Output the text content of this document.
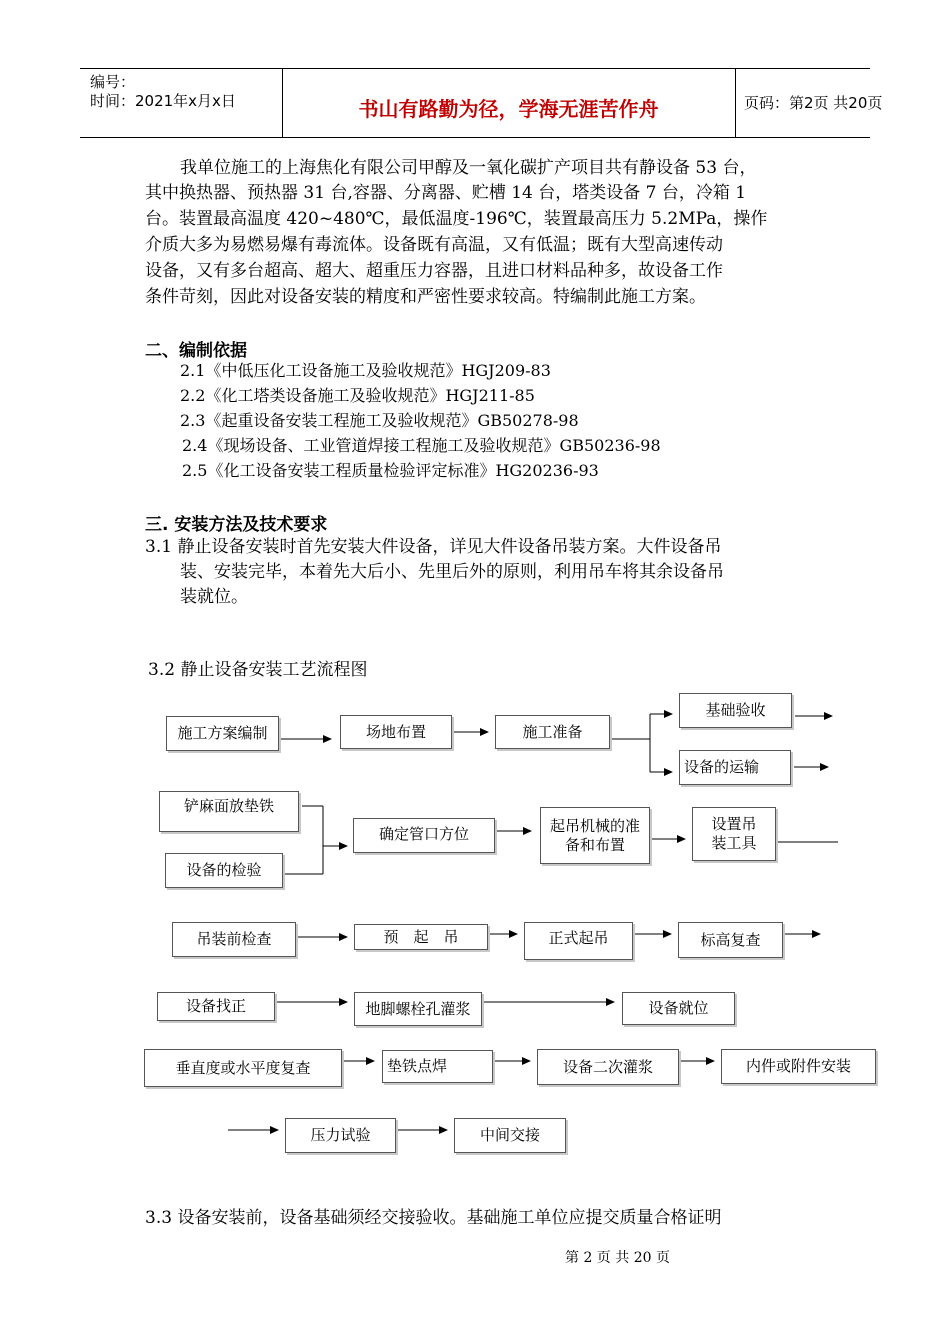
编号：
时间：2021年x月x日	书山有路勤为径，学海无涯苦作舟	页码：第2页 共20页
我单位施工的上海焦化有限公司甲醇及一氧化碳扩产项目共有静设备 53 台，
其中换热器、预热器 31 台,容器、分离器、贮槽 14 台，塔类设备 7 台，冷箱 1
台。装置最高温度 420~480℃，最低温度-196℃，装置最高压力 5.2MPa，操作
介质大多为易燃易爆有毒流体。设备既有高温，又有低温；既有大型高速传动
设备，又有多台超高、超大、超重压力容器，且进口材料品种多，故设备工作
条件苛刻，因此对设备安装的精度和严密性要求较高。特编制此施工方案。
二、编制依据
2.1《中低压化工设备施工及验收规范》HGJ209-83
2.2《化工塔类设备施工及验收规范》HGJ211-85
2.3《起重设备安装工程施工及验收规范》GB50278-98
2.4《现场设备、工业管道焊接工程施工及验收规范》GB50236-98
2.5《化工设备安装工程质量检验评定标准》HG20236-93
三. 安装方法及技术要求
3.1 静止设备安装时首先安装大件设备，详见大件设备吊装方案。大件设备吊
装、安装完毕，本着先大后小、先里后外的原则，利用吊车将其余设备吊
装就位。
3.2 静止设备安装工艺流程图
施工方案编制	场地布置	施工准备
基础验收
设备的运输
铲麻面放垫铁
设备的检验
确定管口方位	起吊机械的准
备和布置
设置吊
装工具
吊装前检查	预　起　吊	正式起吊	标高复查
设备找正	地脚螺栓孔灌浆	设备就位
垂直度或水平度复查	垫铁点焊	设备二次灌浆	内件或附件安装
压力试验	中间交接
3.3 设备安装前，设备基础须经交接验收。基础施工单位应提交质量合格证明
第 2 页 共 20 页
